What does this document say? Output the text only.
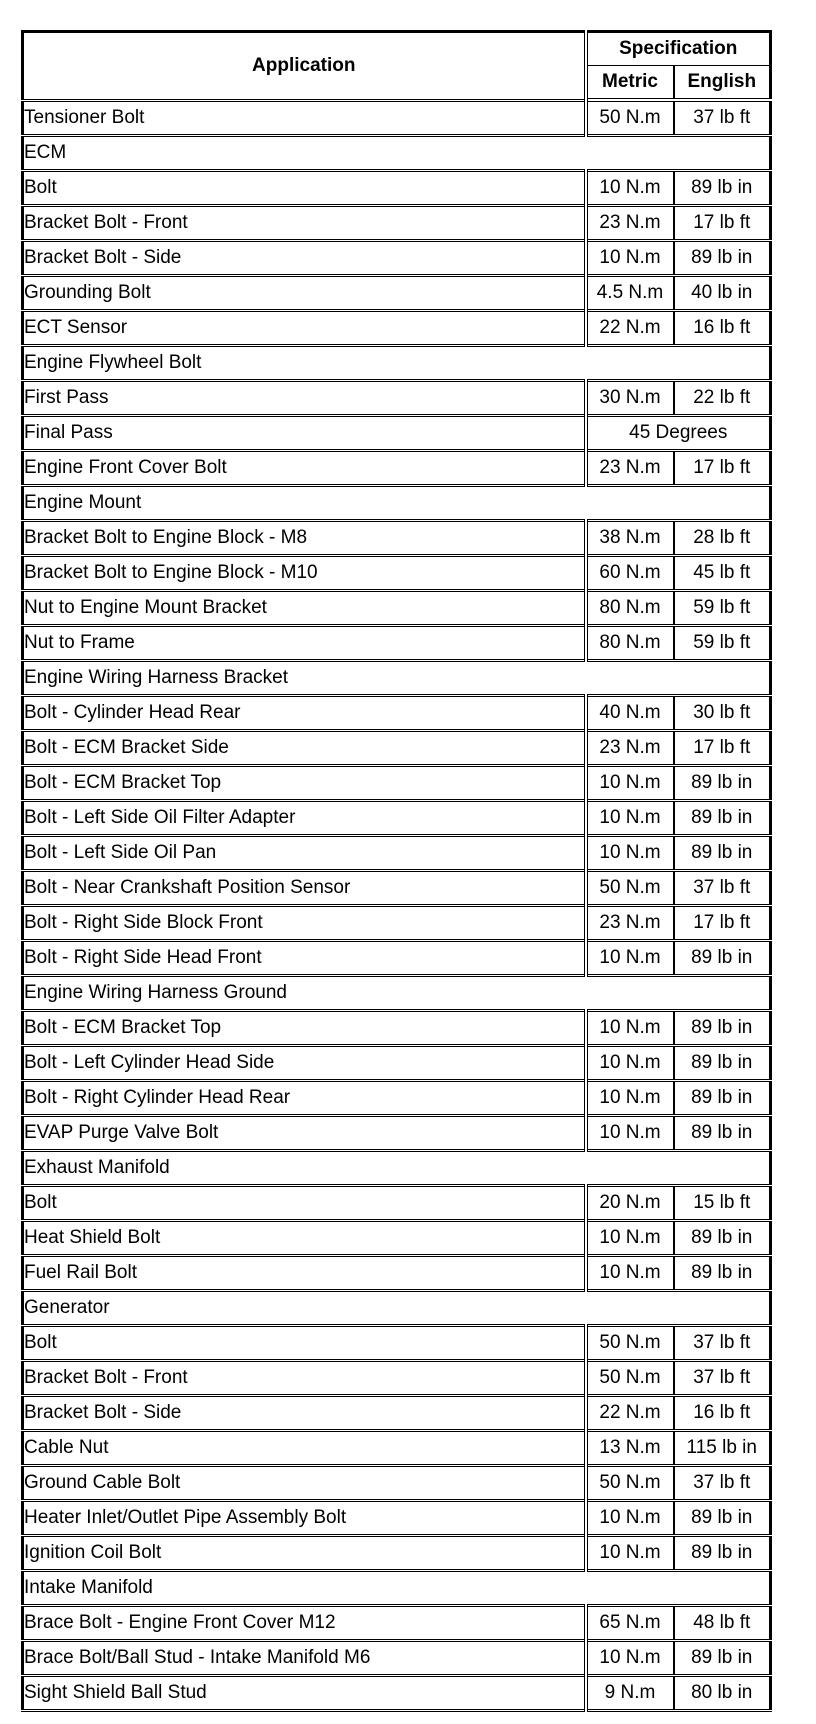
Application	Specification	
	Metric	English
Tensioner Bolt	50 N.m	37 lb ft
ECM		
Bolt	10 N.m	89 lb in
Bracket Bolt - Front	23 N.m	17 lb ft
Bracket Bolt - Side	10 N.m	89 lb in
Grounding Bolt	4.5 N.m	40 lb in
ECT Sensor	22 N.m	16 lb ft
Engine Flywheel Bolt		
First Pass	30 N.m	22 lb ft
Final Pass	45 Degrees	
Engine Front Cover Bolt	23 N.m	17 lb ft
Engine Mount		
Bracket Bolt to Engine Block - M8	38 N.m	28 lb ft
Bracket Bolt to Engine Block - M10	60 N.m	45 lb ft
Nut to Engine Mount Bracket	80 N.m	59 lb ft
Nut to Frame	80 N.m	59 lb ft
Engine Wiring Harness Bracket		
Bolt - Cylinder Head Rear	40 N.m	30 lb ft
Bolt - ECM Bracket Side	23 N.m	17 lb ft
Bolt - ECM Bracket Top	10 N.m	89 lb in
Bolt - Left Side Oil Filter Adapter	10 N.m	89 lb in
Bolt - Left Side Oil Pan	10 N.m	89 lb in
Bolt - Near Crankshaft Position Sensor	50 N.m	37 lb ft
Bolt - Right Side Block Front	23 N.m	17 lb ft
Bolt - Right Side Head Front	10 N.m	89 lb in
Engine Wiring Harness Ground		
Bolt - ECM Bracket Top	10 N.m	89 lb in
Bolt - Left Cylinder Head Side	10 N.m	89 lb in
Bolt - Right Cylinder Head Rear	10 N.m	89 lb in
EVAP Purge Valve Bolt	10 N.m	89 lb in
Exhaust Manifold		
Bolt	20 N.m	15 lb ft
Heat Shield Bolt	10 N.m	89 lb in
Fuel Rail Bolt	10 N.m	89 lb in
Generator		
Bolt	50 N.m	37 lb ft
Bracket Bolt - Front	50 N.m	37 lb ft
Bracket Bolt - Side	22 N.m	16 lb ft
Cable Nut	13 N.m	115 lb in
Ground Cable Bolt	50 N.m	37 lb ft
Heater Inlet/Outlet Pipe Assembly Bolt	10 N.m	89 lb in
Ignition Coil Bolt	10 N.m	89 lb in
Intake Manifold		
Brace Bolt - Engine Front Cover M12	65 N.m	48 lb ft
Brace Bolt/Ball Stud - Intake Manifold M6	10 N.m	89 lb in
Sight Shield Ball Stud	9 N.m	80 lb in
